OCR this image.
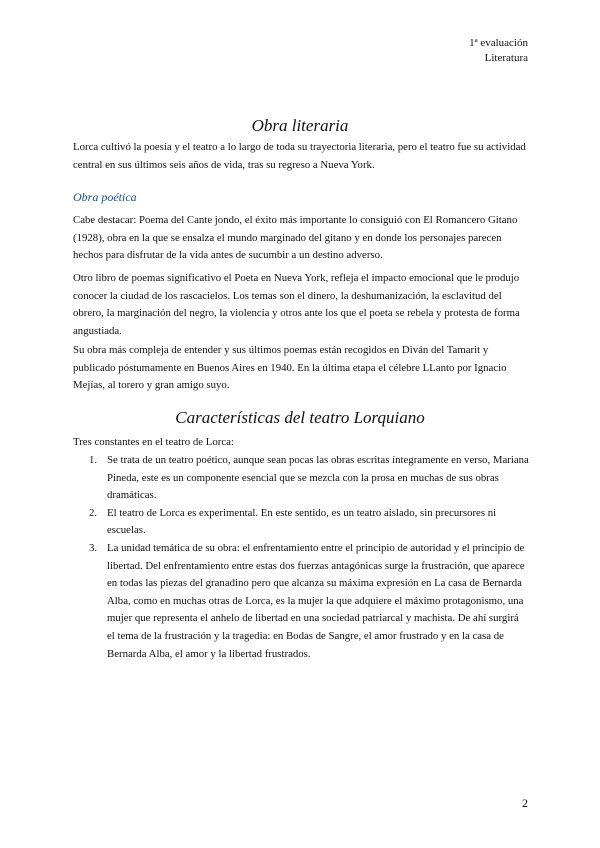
1ª evaluación
Literatura
Obra literaria

Lorca cultivó la poesía y el teatro a lo largo de toda su trayectoria literaria, pero el teatro fue su actividad central en sus últimos seis años de vida, tras su regreso a Nueva York.

Obra poética

Cabe destacar: Poema del Cante jondo, el éxito más importante lo consiguió con El Romancero Gitano (1928), obra en la que se ensalza el mundo marginado del gitano y en donde los personajes parecen hechos para disfrutar de la vida antes de sucumbir a un destino adverso.

Otro libro de poemas significativo el Poeta en Nueva York, refleja el impacto emocional que le produjo conocer la ciudad de los rascacielos. Los temas son el dinero, la deshumanización, la esclavitud del obrero, la marginación del negro, la violencia y otros ante los que el poeta se rebela y protesta de forma angustiada.

Su obra más compleja de entender y sus últimos poemas están recogidos en Diván del Tamarit y publicado póstumamente en Buenos Aires en 1940. En la última etapa el célebre LLanto por Ignacio Mejías, al torero y gran amigo suyo.

Características del teatro Lorquiano

Tres constantes en el teatro de Lorca:

1. Se trata de un teatro poético, aunque sean pocas las obras escritas íntegramente en verso, Mariana Pineda, este es un componente esencial que se mezcla con la prosa en muchas de sus obras dramáticas.
2. El teatro de Lorca es experimental. En este sentido, es un teatro aislado, sin precursores ni escuelas.
3. La unidad temática de su obra: el enfrentamiento entre el principio de autoridad y el principio de libertad. Del enfrentamiento entre estas dos fuerzas antagónicas surge la frustración, que aparece en todas las piezas del granadino pero que alcanza su máxima expresión en La casa de Bernarda Alba, como en muchas otras de Lorca, es la mujer la que adquiere el máximo protagonismo, una mujer que representa el anhelo de libertad en una sociedad patriarcal y machista. De ahí surgirá el tema de la frustración y la tragedia: en Bodas de Sangre, el amor frustrado y en la casa de Bernarda Alba, el amor y la libertad frustrados.
2
